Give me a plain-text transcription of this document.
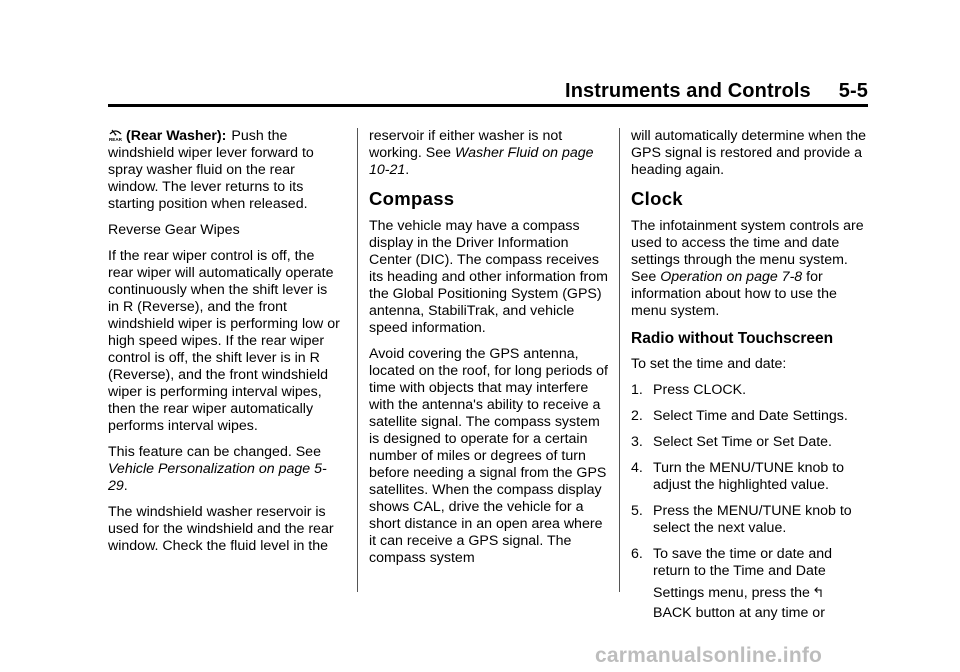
Instruments and Controls 5-5

REAR (Rear Washer): Push the windshield wiper lever forward to spray washer fluid on the rear window. The lever returns to its starting position when released.

Reverse Gear Wipes

If the rear wiper control is off, the rear wiper will automatically operate continuously when the shift lever is in R (Reverse), and the front windshield wiper is performing low or high speed wipes. If the rear wiper control is off, the shift lever is in R (Reverse), and the front windshield wiper is performing interval wipes, then the rear wiper automatically performs interval wipes.

This feature can be changed. See Vehicle Personalization on page 5-29.

The windshield washer reservoir is used for the windshield and the rear window. Check the fluid level in the

reservoir if either washer is not working. See Washer Fluid on page 10-21.

Compass

The vehicle may have a compass display in the Driver Information Center (DIC). The compass receives its heading and other information from the Global Positioning System (GPS) antenna, StabiliTrak, and vehicle speed information.

Avoid covering the GPS antenna, located on the roof, for long periods of time with objects that may interfere with the antenna's ability to receive a satellite signal. The compass system is designed to operate for a certain number of miles or degrees of turn before needing a signal from the GPS satellites. When the compass display shows CAL, drive the vehicle for a short distance in an open area where it can receive a GPS signal. The compass system

will automatically determine when the GPS signal is restored and provide a heading again.

Clock

The infotainment system controls are used to access the time and date settings through the menu system. See Operation on page 7-8 for information about how to use the menu system.

Radio without Touchscreen

To set the time and date:

1. Press CLOCK.
2. Select Time and Date Settings.
3. Select Set Time or Set Date.
4. Turn the MENU/TUNE knob to adjust the highlighted value.
5. Press the MENU/TUNE knob to select the next value.
6. To save the time or date and return to the Time and Date
Settings menu, press the
BACK button at any time or
carmanualsonline.info
